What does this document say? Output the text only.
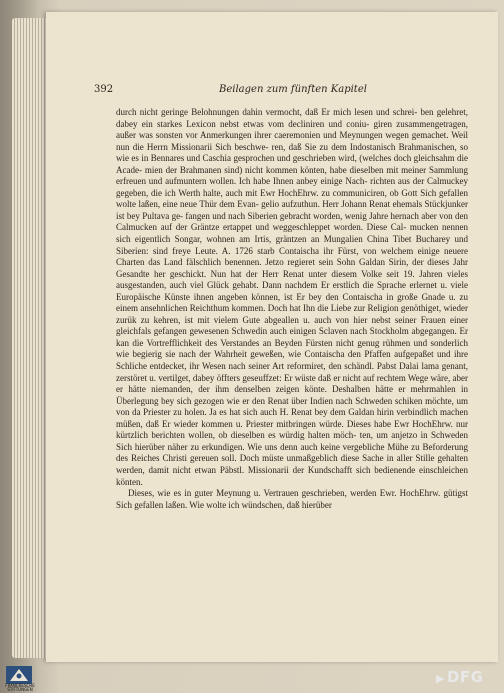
392	Beilagen zum fünften Kapitel

durch nicht geringe Belohnungen dahin vermocht, daß Er mich lesen und schrei- ben gelehret, dabey ein starkes Lexicon nebst etwas vom decliniren und coniu- giren zusammengetragen, außer was sonsten vor Anmerkungen ihrer caeremonien und Meynungen wegen gemachet. Weil nun die Herrn Missionarii Sich beschwe- ren, daß Sie zu dem Indostanisch Brahmanischen, so wie es in Bennares und Caschia gesprochen und geschrieben wird, (welches doch gleichsahm die Acade- mien der Brahmanen sind) nicht kommen könten, habe dieselben mit meiner Sammlung erfreuen und aufmuntern wollen. Ich habe Ihnen anbey einige Nach- richten aus der Calmuckey gegeben, die ich Werth halte, auch mit Ewr HochEhrw. zu communiciren, ob Gott Sich gefallen wolte laßen, eine neue Thür dem Evan- gelio aufzuthun. Herr Johann Renat ehemals Stückjunker ist bey Pultava ge- fangen und nach Siberien gebracht worden, wenig Jahre hernach aber von den Calmucken auf der Gräntze ertappet und weggeschleppet worden. Diese Cal- mucken nennen sich eigentlich Songar, wohnen am Irtis, gräntzen an Mungalien China Tibet Bucharey und Siberien: sind freye Leute. A. 1726 starb Contaischa ihr Fürst, von welchem einige neuere Charten das Land fälschlich benennen. Jetzo regieret sein Sohn Galdan Sirin, der dieses Jahr Gesandte her geschickt. Nun hat der Herr Renat unter diesem Volke seit 19. Jahren vieles ausgestanden, auch viel Glück gehabt. Dann nachdem Er erstlich die Sprache erlernet u. viele Europäische Künste ihnen angeben können, ist Er bey den Contaischa in große Gnade u. zu einem ansehnlichen Reichthum kommen. Doch hat Ihn die Liebe zur Religion genöthiget, wieder zurük zu kehren, ist mit vielem Gute abgeallen u. auch von hier nebst seiner Frauen einer gleichfals gefangen gewesenen Schwedin auch einigen Sclaven nach Stockholm abgegangen. Er kan die Vortrefflichkeit des Verstandes an Beyden Fürsten nicht genug rühmen und sonderlich wie begierig sie nach der Wahrheit geweßen, wie Contaischa den Pfaffen aufgepaßet und ihre Schliche entdecket, ihr Wesen nach seiner Art reformiret, den schändl. Pabst Dalai lama genant, zerstöret u. vertilget, dabey öffters geseuffzet: Er wüste daß er nicht auf rechtem Wege wäre, aber er hätte niemanden, der ihm denselben zeigen könte. Deshalben hätte er mehrmahlen in Überlegung bey sich gezogen wie er den Renat über Indien nach Schweden schiken möchte, um von da Priester zu holen. Ja es hat sich auch H. Renat bey dem Galdan hirin verbindlich machen müßen, daß Er wieder kommen u. Priester mitbringen würde. Dieses habe Ewr HochEhrw. nur kürtzlich berichten wollen, ob dieselben es würdig halten möch- ten, um anjetzo in Schweden Sich hierüber näher zu erkundigen. Wie uns denn auch keine vergebliche Mühe zu Beforderung des Reiches Christi gereuen soll. Doch müste unmaßgeblich diese Sache in aller Stille gehalten werden, damit nicht etwan Päbstl. Missionarii der Kundschafft sich bedienende einschleichen könten.

Dieses, wie es in guter Meynung u. Vertrauen geschrieben, werden Ewr. HochEhrw. gütigst Sich gefallen laßen. Wie wolte ich wündschen, daß hierüber

FRANCKESCHE
STIFTUNGEN
▶ DFG
